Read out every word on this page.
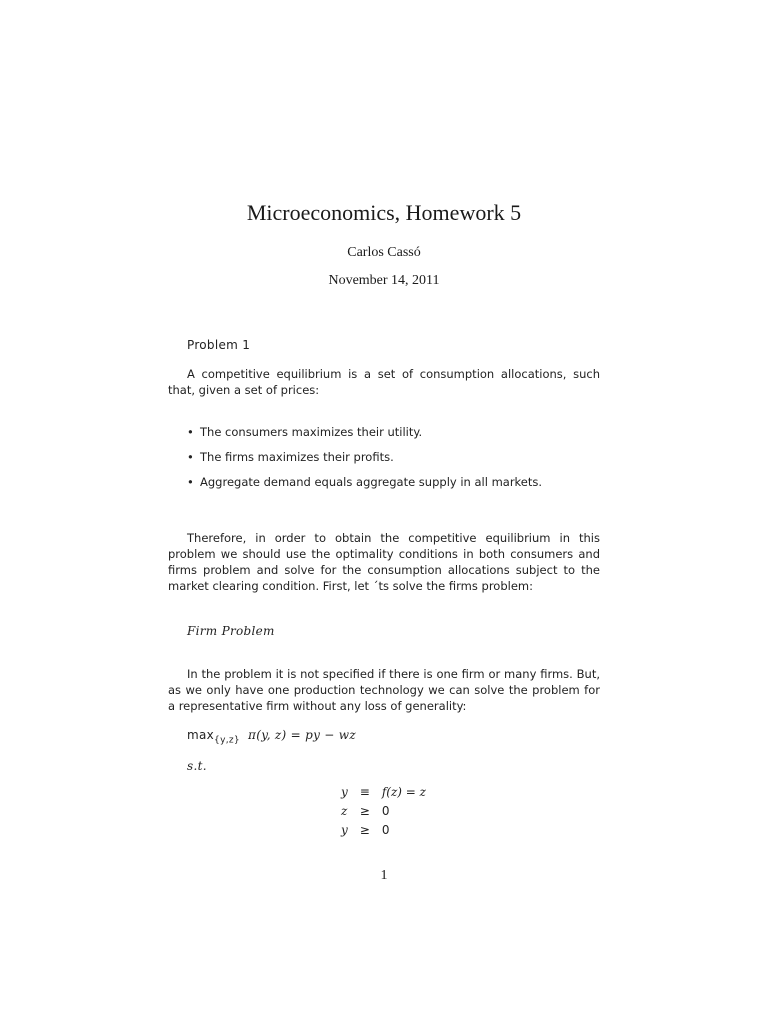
Microeconomics, Homework 5
Carlos Cassó
November 14, 2011
Problem 1
A competitive equilibrium is a set of consumption allocations, such that, given a set of prices:
• The consumers maximizes their utility.
• The firms maximizes their profits.
• Aggregate demand equals aggregate supply in all markets.
Therefore, in order to obtain the competitive equilibrium in this problem we should use the optimality conditions in both consumers and firms problem and solve for the consumption allocations subject to the market clearing condition. First, let ´ts solve the firms problem:
Firm Problem
In the problem it is not specified if there is one firm or many firms. But, as we only have one production technology we can solve the problem for a representative firm without any loss of generality:
$\max_{\{y,z\}} \pi(y$, z) = py − wz
s.t.
y	≡	f(z) = z
z	≥	0
y	≥	0
1
